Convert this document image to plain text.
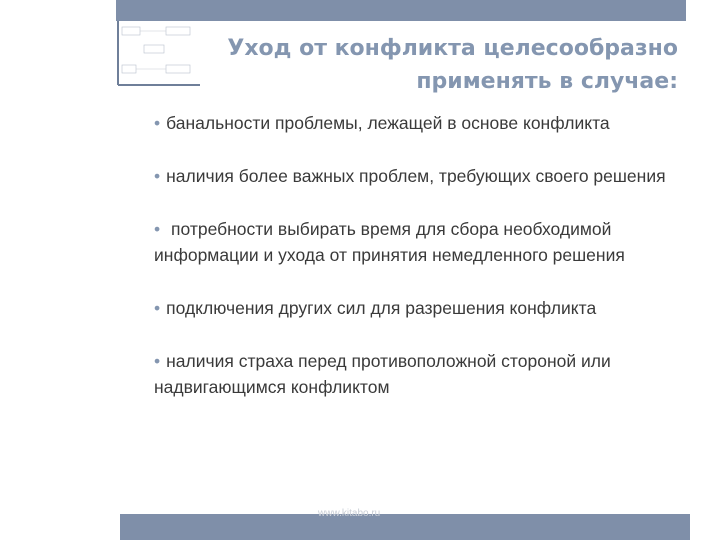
Уход от конфликта целесообразно
применять в случае:
• банальности проблемы, лежащей в основе конфликта
• наличия более важных проблем, требующих своего решения
• потребности выбирать время для сбора необходимой информации и ухода от принятия немедленного решения
• подключения других сил для разрешения конфликта
• наличия страха перед противоположной стороной или надвигающимся конфликтом
www.kitabo.ru
